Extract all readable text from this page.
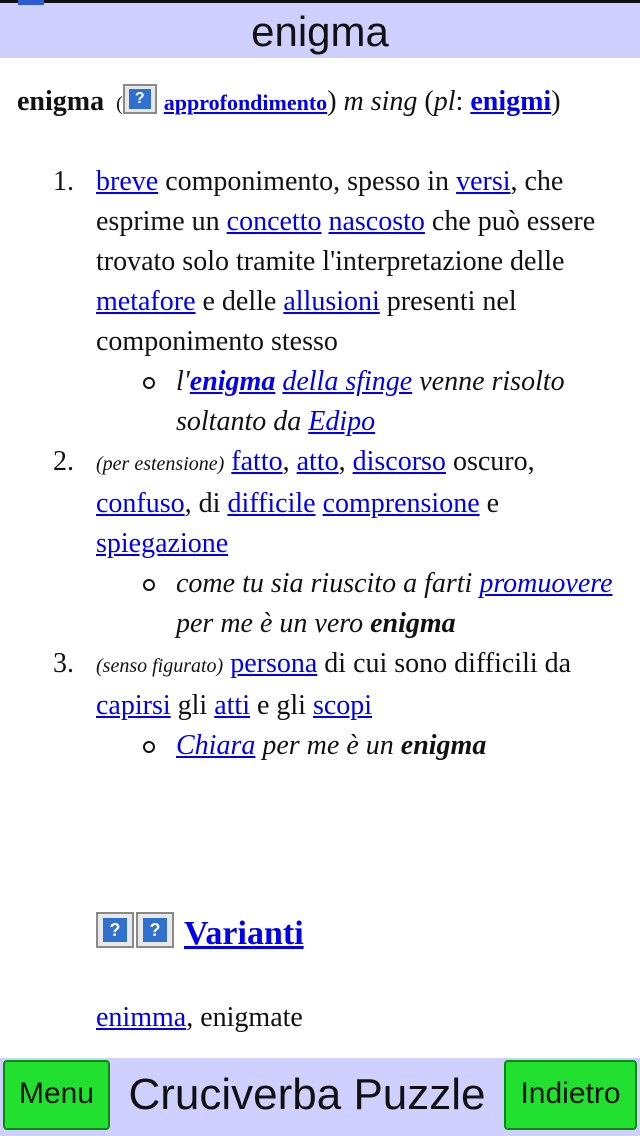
enigma
enigma  ( ? approfondimento) m sing (pl: enigmi)
1. breve componimento, spesso in versi, che esprime un concetto nascosto che può essere trovato solo tramite l'interpretazione delle metafore e delle allusioni presenti nel componimento stesso
l'enigma della sfinge venne risolto soltanto da Edipo
2. (per estensione) fatto, atto, discorso oscuro, confuso, di difficile comprensione e spiegazione
come tu sia riuscito a farti promuovere per me è un vero enigma
3. (senso figurato) persona di cui sono difficili da capirsi gli atti e gli scopi
Chiara per me è un enigma
?	? Varianti
enimma, enigmate
Menu Cruciverba Puzzle	Indietro
